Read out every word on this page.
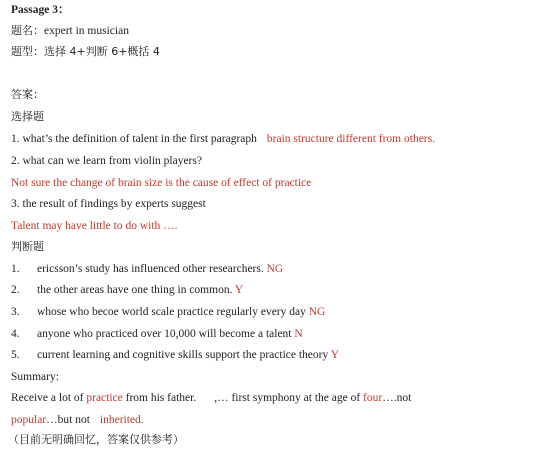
Passage 3：
题名：expert in musician
题型：选择 4+判断 6+概括 4
答案：
选择题
1. what’s the definition of talent in the first paragraph brain structure different from others.
2. what can we learn from violin players?
Not sure the change of brain size is the cause of effect of practice
3. the result of findings by experts suggest
Talent may have little to do with ….
判断题
1. ericsson’s study has influenced other researchers. NG
2. the other areas have one thing in common. Y
3. whose who becoe world scale practice regularly every day NG
4. anyone who practiced over 10,000 will become a talent N
5. current learning and cognitive skills support the practice theory Y
Summary:
Receive a lot of practice from his father. ,… first symphony at the age of four….not
popular…but not inherited.
（目前无明确回忆，答案仅供参考）
